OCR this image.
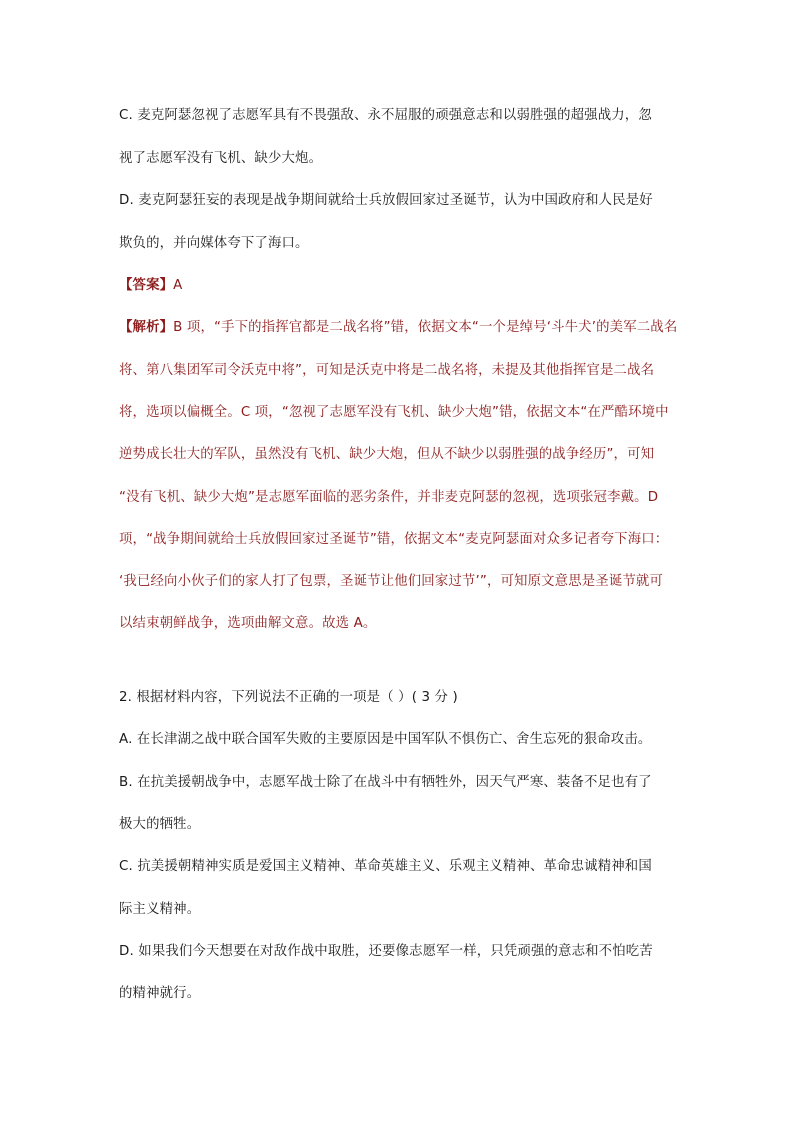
C. 麦克阿瑟忽视了志愿军具有不畏强敌、永不屈服的顽强意志和以弱胜强的超强战力，忽
视了志愿军没有飞机、缺少大炮。
D. 麦克阿瑟狂妄的表现是战争期间就给士兵放假回家过圣诞节，认为中国政府和人民是好
欺负的，并向媒体夸下了海口。
【答案】A
【解析】B 项，“手下的指挥官都是二战名将”错，依据文本“一个是绰号‘斗牛犬’的美军二战名
将、第八集团军司令沃克中将”，可知是沃克中将是二战名将，未提及其他指挥官是二战名
将，选项以偏概全。C 项，“忽视了志愿军没有飞机、缺少大炮”错，依据文本“在严酷环境中
逆势成长壮大的军队，虽然没有飞机、缺少大炮，但从不缺少以弱胜强的战争经历”，可知
“没有飞机、缺少大炮”是志愿军面临的恶劣条件，并非麦克阿瑟的忽视，选项张冠李戴。D
项，“战争期间就给士兵放假回家过圣诞节”错，依据文本“麦克阿瑟面对众多记者夸下海口：
‘我已经向小伙子们的家人打了包票，圣诞节让他们回家过节’”，可知原文意思是圣诞节就可
以结束朝鲜战争，选项曲解文意。故选 A。
2. 根据材料内容，下列说法不正确的一项是（ ）( 3 分 )
A. 在长津湖之战中联合国军失败的主要原因是中国军队不惧伤亡、舍生忘死的狠命攻击。
B. 在抗美援朝战争中，志愿军战士除了在战斗中有牺牲外，因天气严寒、装备不足也有了
极大的牺牲。
C. 抗美援朝精神实质是爱国主义精神、革命英雄主义、乐观主义精神、革命忠诚精神和国
际主义精神。
D. 如果我们今天想要在对敌作战中取胜，还要像志愿军一样，只凭顽强的意志和不怕吃苦
的精神就行。
